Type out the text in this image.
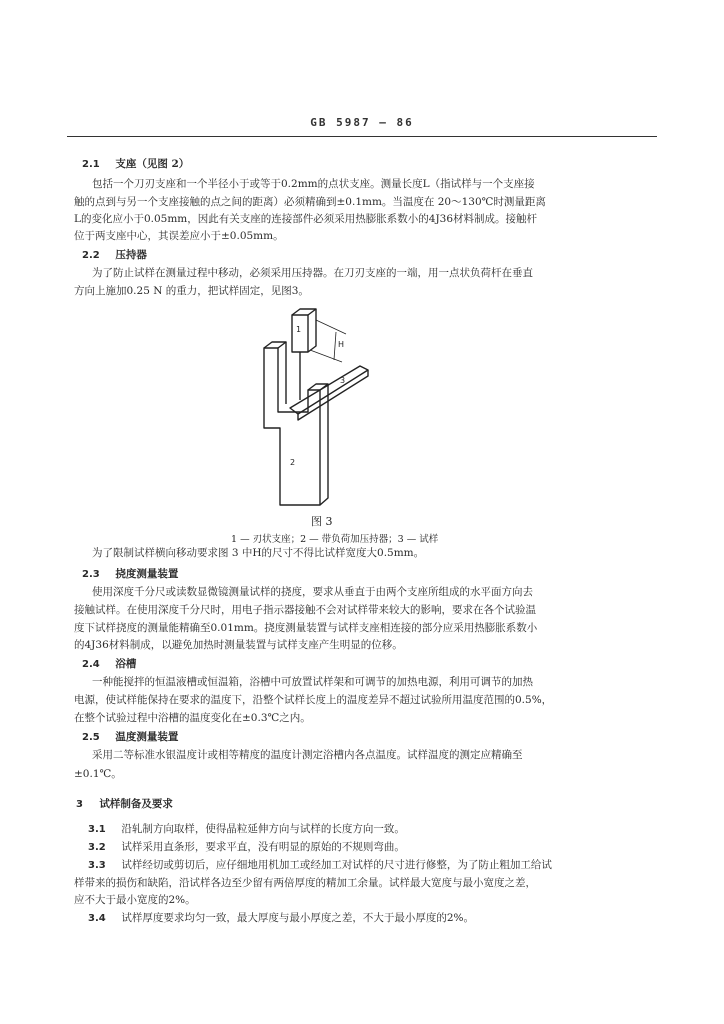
GB 5987 — 86
2.1 支座（见图 2）
包括一个刀刃支座和一个半径小于或等于0.2mm的点状支座。测量长度L（指试样与一个支座接
触的点到与另一个支座接触的点之间的距离）必须精确到±0.1mm。当温度在 20～130℃时测量距离
L的变化应小于0.05mm，因此有关支座的连接部件必须采用热膨胀系数小的4J36材料制成。接触杆
位于两支座中心，其误差应小于±0.05mm。
2.2 压持器
为了防止试样在测量过程中移动，必须采用压持器。在刀刃支座的一端，用一点状负荷杆在垂直
方向上施加0.25 N 的重力，把试样固定，见图3。
1
2
3
H
图 3
1 — 刃状支座；2 — 带负荷加压持器；3 — 试样
为了限制试样横向移动要求图 3 中H的尺寸不得比试样宽度大0.5mm。
2.3 挠度测量装置
使用深度千分尺或读数显微镜测量试样的挠度，要求从垂直于由两个支座所组成的水平面方向去
接触试样。在使用深度千分尺时，用电子指示器接触不会对试样带来较大的影响，要求在各个试验温
度下试样挠度的测量能精确至0.01mm。挠度测量装置与试样支座相连接的部分应采用热膨胀系数小
的4J36材料制成，以避免加热时测量装置与试样支座产生明显的位移。
2.4 浴槽
一种能搅拌的恒温液槽或恒温箱，浴槽中可放置试样架和可调节的加热电源，利用可调节的加热
电源，使试样能保持在要求的温度下，沿整个试样长度上的温度差异不超过试验所用温度范围的0.5%，
在整个试验过程中浴槽的温度变化在±0.3℃之内。
2.5 温度测量装置
采用二等标准水银温度计或相等精度的温度计测定浴槽内各点温度。试样温度的测定应精确至
±0.1℃。
3 试样制备及要求
3.1 沿轧制方向取样，使得晶粒延伸方向与试样的长度方向一致。
3.2 试样采用直条形，要求平直，没有明显的原始的不规则弯曲。
3.3 试样经切或剪切后，应仔细地用机加工或经加工对试样的尺寸进行修整，为了防止粗加工给试
样带来的损伤和缺陷，沿试样各边至少留有两倍厚度的精加工余量。试样最大宽度与最小宽度之差，
应不大于最小宽度的2%。
3.4 试样厚度要求均匀一致，最大厚度与最小厚度之差，不大于最小厚度的2%。
